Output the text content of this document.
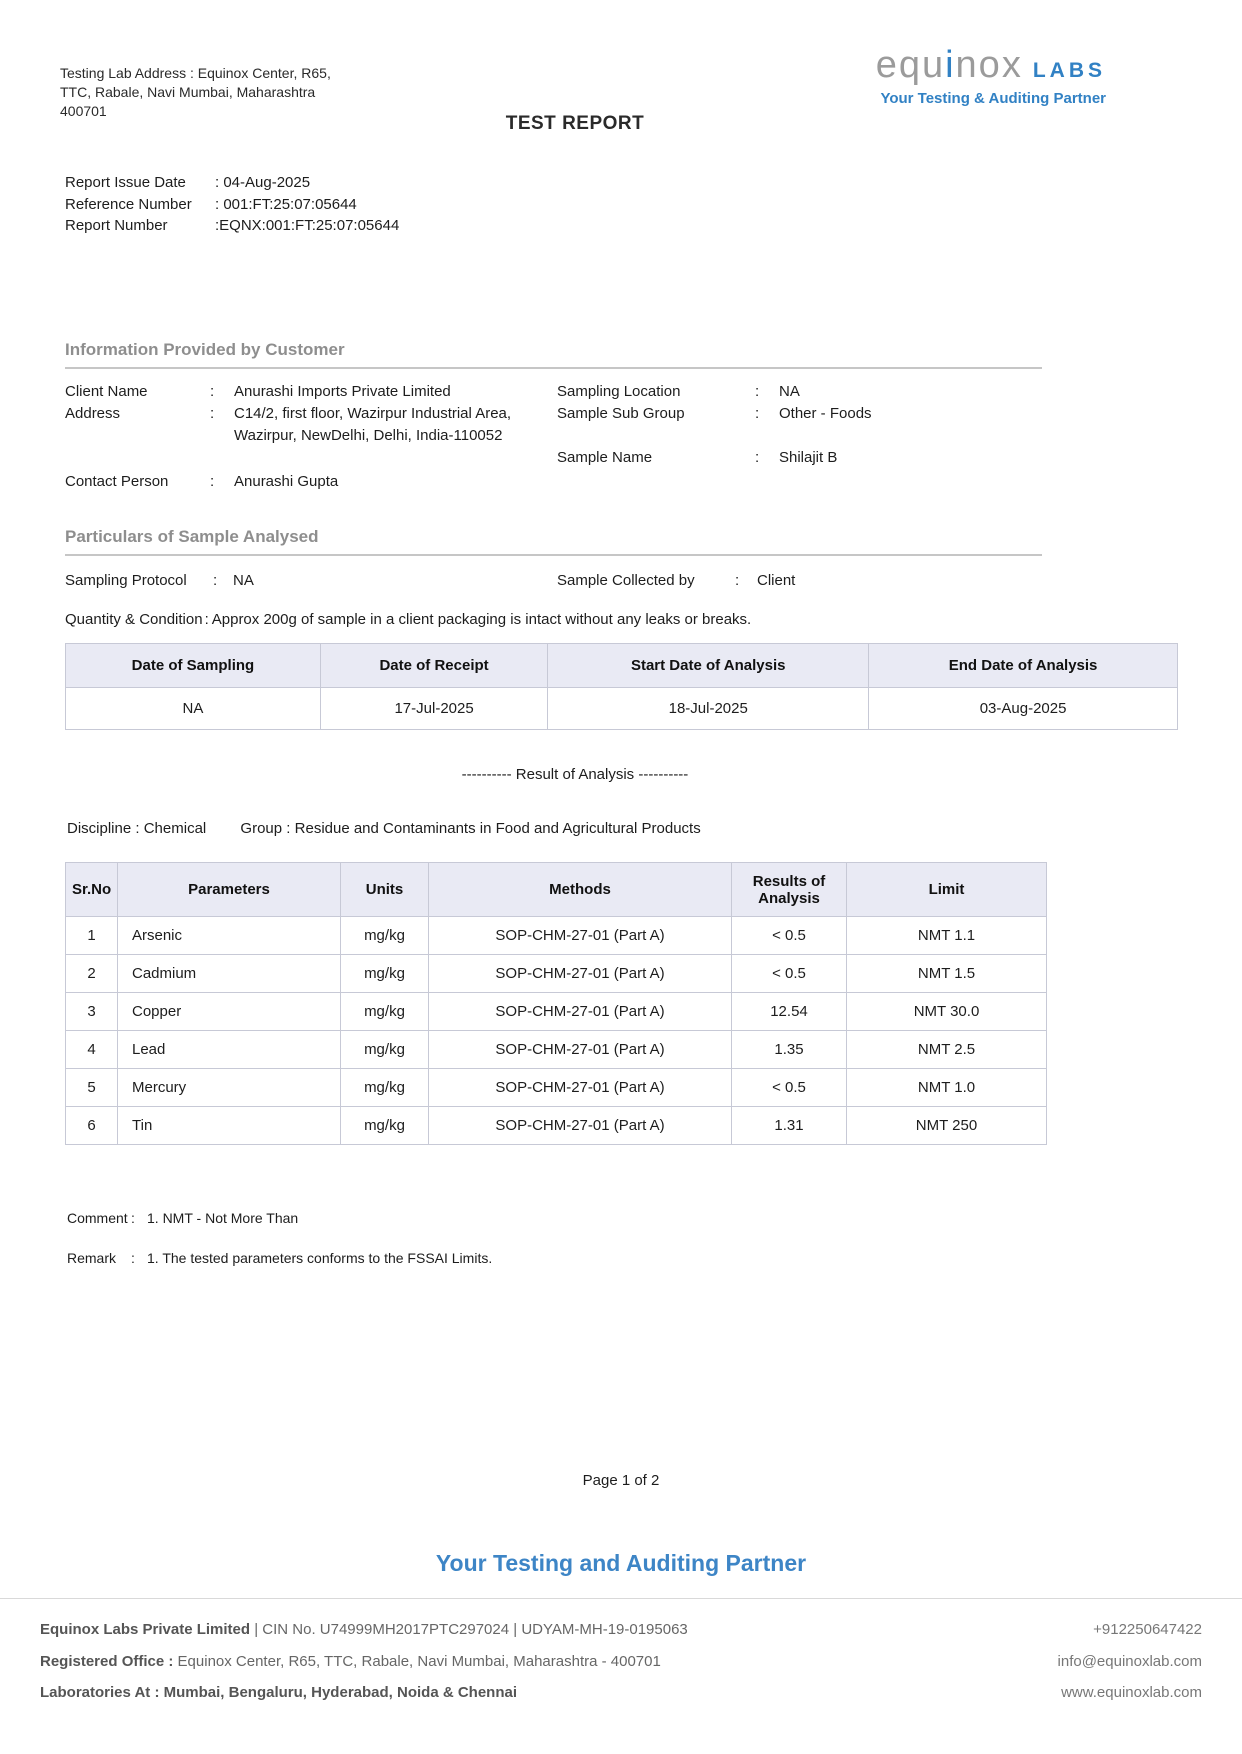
Testing Lab Address : Equinox Center, R65,
TTC, Rabale, Navi Mumbai, Maharashtra
400701
equinox LABS
Your Testing & Auditing Partner
TEST REPORT
Report Issue Date : 04-Aug-2025
Reference Number : 001:FT:25:07:05644
Report Number	:EQNX:001:FT:25:07:05644
Information Provided by Customer
Client Name	:	Anurashi Imports Private Limited
Address	:	C14/2, first floor, Wazirpur Industrial Area, Wazirpur, NewDelhi, Delhi, India-110052
Contact Person	:	Anurashi Gupta
Sampling Location	:	NA
Sample Sub Group	:	Other - Foods
Sample Name	:	Shilajit B
Particulars of Sample Analysed
Sampling Protocol	:	NA	Sample Collected by	:	Client
Quantity & Condition : Approx 200g of sample in a client packaging is intact without any leaks or breaks.
Date of Sampling	Date of Receipt	Start Date of Analysis	End Date of Analysis
NA	17-Jul-2025	18-Jul-2025	03-Aug-2025
---------- Result of Analysis ----------
Discipline : Chemical Group : Residue and Contaminants in Food and Agricultural Products
Sr.No	Parameters	Units	Methods	Results of Analysis	Limit
1	Arsenic	mg/kg	SOP-CHM-27-01 (Part A)	< 0.5	NMT 1.1
2	Cadmium	mg/kg	SOP-CHM-27-01 (Part A)	< 0.5	NMT 1.5
3	Copper	mg/kg	SOP-CHM-27-01 (Part A)	12.54	NMT 30.0
4	Lead	mg/kg	SOP-CHM-27-01 (Part A)	1.35	NMT 2.5
5	Mercury	mg/kg	SOP-CHM-27-01 (Part A)	< 0.5	NMT 1.0
6	Tin	mg/kg	SOP-CHM-27-01 (Part A)	1.31	NMT 250
Comment : 1. NMT - Not More Than
Remark	: 1. The tested parameters conforms to the FSSAI Limits.
Page 1 of 2
Your Testing and Auditing Partner
Equinox Labs Private Limited | CIN No. U74999MH2017PTC297024 | UDYAM-MH-19-0195063	+912250647422
Registered Office : Equinox Center, R65, TTC, Rabale, Navi Mumbai, Maharashtra - 400701	info@equinoxlab.com
Laboratories At : Mumbai, Bengaluru, Hyderabad, Noida & Chennai	www.equinoxlab.com
